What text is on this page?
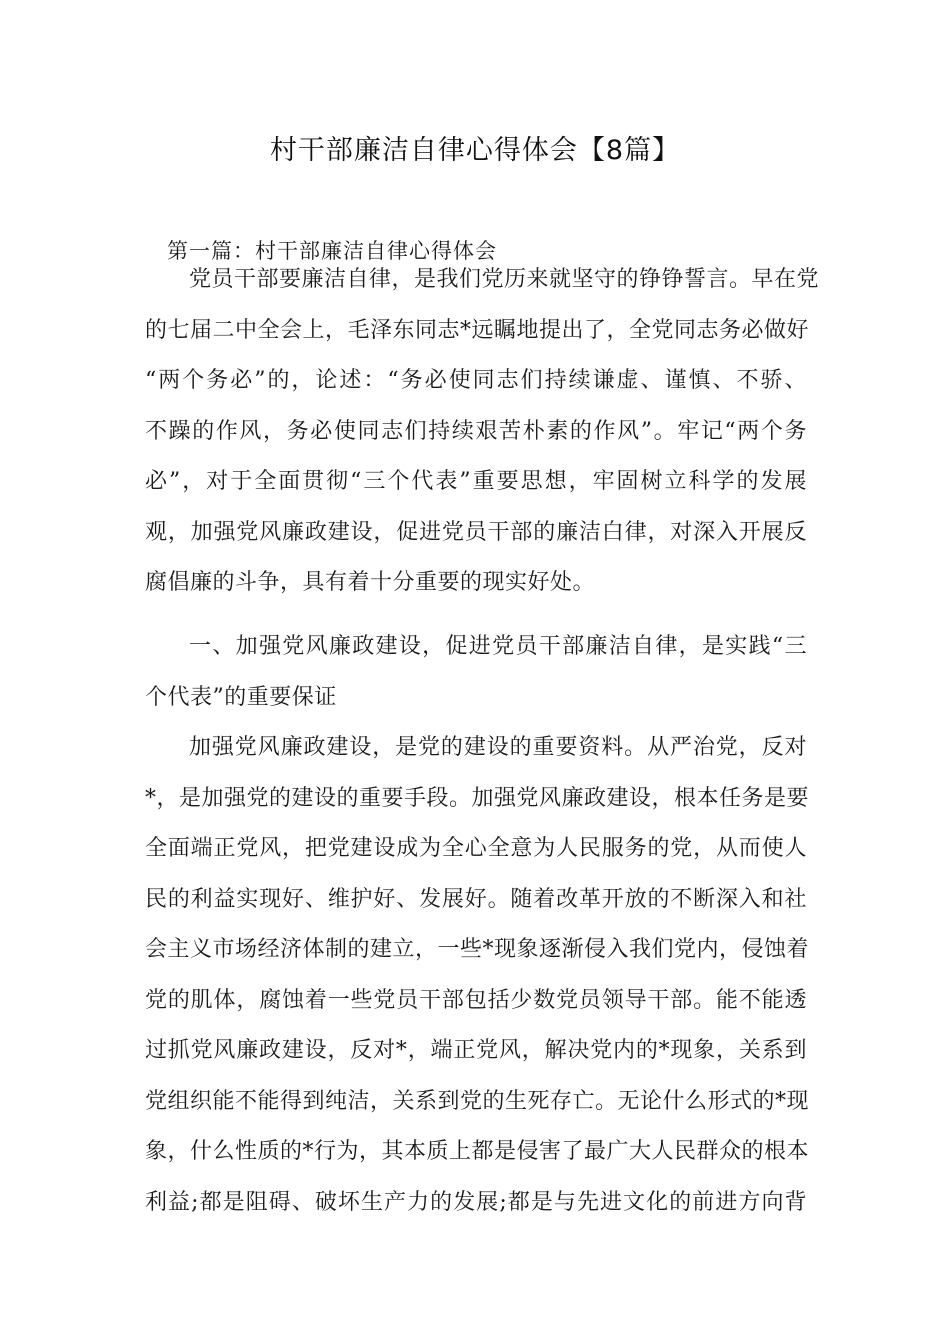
村干部廉洁自律心得体会【8篇】
第一篇：村干部廉洁自律心得体会

党员干部要廉洁自律，是我们党历来就坚守的铮铮誓言。早在党
的七届二中全会上，毛泽东同志*远瞩地提出了，全党同志务必做好
“两个务必”的，论述：“务必使同志们持续谦虚、谨慎、不骄、
不躁的作风，务必使同志们持续艰苦朴素的作风”。牢记“两个务
必”，对于全面贯彻“三个代表”重要思想，牢固树立科学的发展
观，加强党风廉政建设，促进党员干部的廉洁白律，对深入开展反
腐倡廉的斗争，具有着十分重要的现实好处。

一、加强党风廉政建设，促进党员干部廉洁自律，是实践“三
个代表”的重要保证

加强党风廉政建设，是党的建设的重要资料。从严治党，反对
*，是加强党的建设的重要手段。加强党风廉政建设，根本任务是要
全面端正党风，把党建设成为全心全意为人民服务的党，从而使人
民的利益实现好、维护好、发展好。随着改革开放的不断深入和社
会主义市场经济体制的建立，一些*现象逐渐侵入我们党内，侵蚀着
党的肌体，腐蚀着一些党员干部包括少数党员领导干部。能不能透
过抓党风廉政建设，反对*，端正党风，解决党内的*现象，关系到
党组织能不能得到纯洁，关系到党的生死存亡。无论什么形式的*现
象，什么性质的*行为，其本质上都是侵害了最广大人民群众的根本
利益;都是阻碍、破坏生产力的发展;都是与先进文化的前进方向背
